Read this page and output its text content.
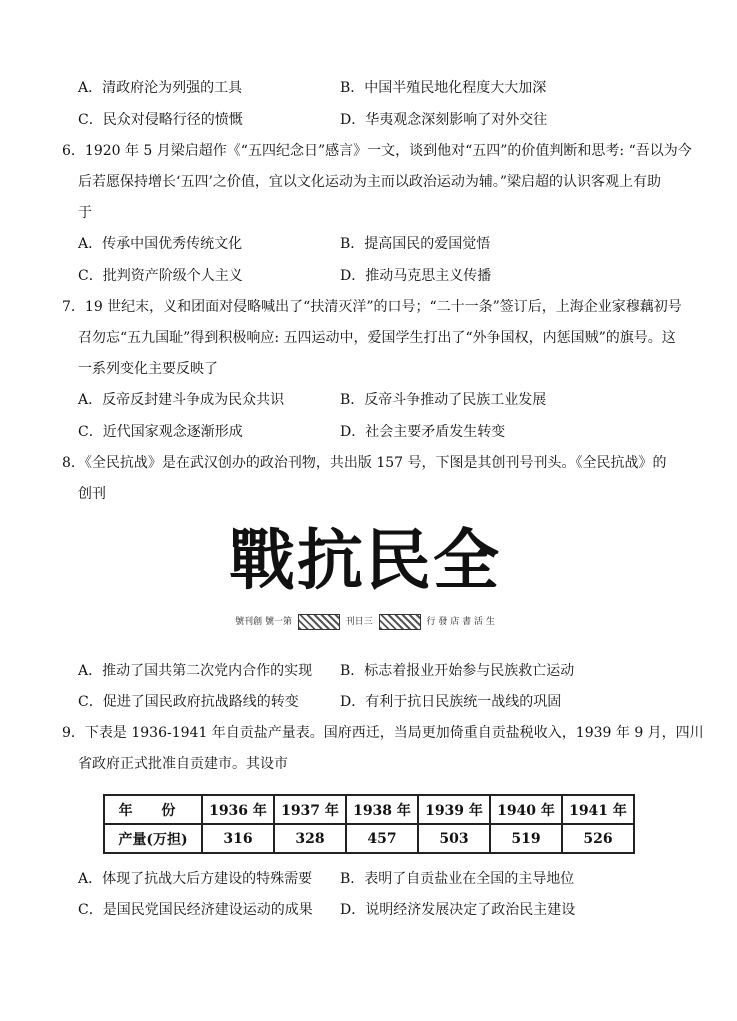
A．清政府沦为列强的工具	B．中国半殖民地化程度大大加深
C．民众对侵略行径的愤慨	D．华夷观念深刻影响了对外交往
6．1920 年 5 月梁启超作《“五四纪念日”感言》一文，谈到他对“五四”的价值判断和思考: “吾以为今
后若愿保持增长‘五四’之价值，宜以文化运动为主而以政治运动为辅。”梁启超的认识客观上有助
于
A．传承中国优秀传统文化	B．提高国民的爱国觉悟
C．批判资产阶级个人主义	D．推动马克思主义传播
7．19 世纪末，义和团面对侵略喊出了“扶清灭洋”的口号；“二十一条”签订后，上海企业家穆藕初号
召勿忘“五九国耻”得到积极响应: 五四运动中，爱国学生打出了“外争国权，内惩国贼”的旗号。这
一系列变化主要反映了
A．反帝反封建斗争成为民众共识	B．反帝斗争推动了民族工业发展
C．近代国家观念逐渐形成	D．社会主要矛盾发生转变
8．《全民抗战》是在武汉创办的政治刊物，共出版 157 号，下图是其创刊号刊头。《全民抗战》的
创刊
戰抗民全
號刊創 號一第	刊日三	行 發 店 書 活 生
A．推动了国共第二次党内合作的实现 B．标志着报业开始参与民族救亡运动
C．促进了国民政府抗战路线的转变	D．有利于抗日民族统一战线的巩固
9．下表是 1936-1941 年自贡盐产量表。国府西迁，当局更加倚重自贡盐税收入，1939 年 9 月，四川
省政府正式批准自贡建市。其设市
年 份	1936 年	1937 年	1938 年	1939 年	1940 年	1941 年
产量(万担)	316	328	457	503	519	526
A．体现了抗战大后方建设的特殊需要 B．表明了自贡盐业在全国的主导地位
C．是国民党国民经济建设运动的成果 D．说明经济发展决定了政治民主建设
